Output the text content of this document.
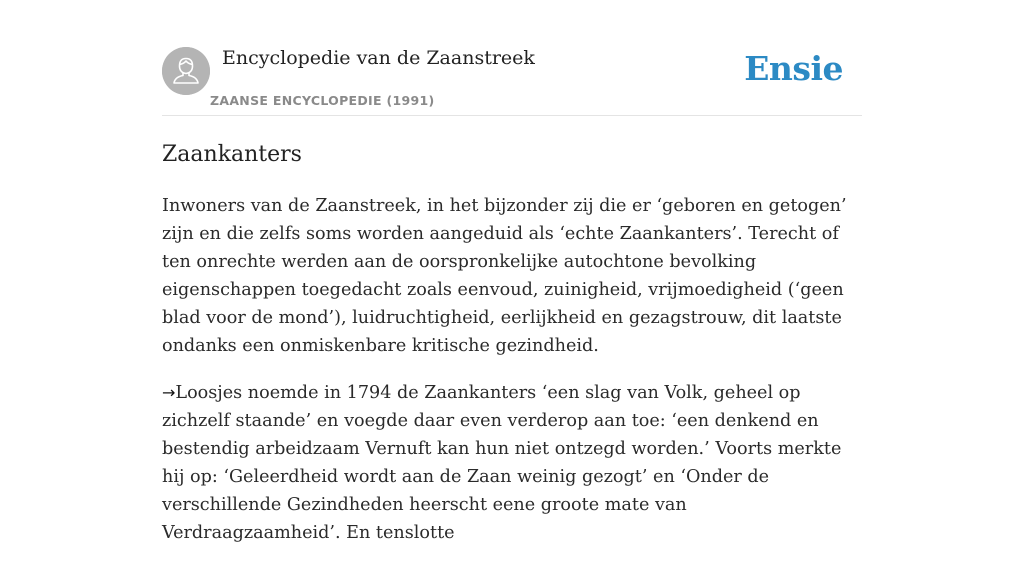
Encyclopedie van de Zaanstreek
ZAANSE ENCYCLOPEDIE (1991)
Ensie
Zaankanters

Inwoners van de Zaanstreek, in het bijzonder zij die er ‘geboren en getogen’ zijn en die zelfs soms worden aangeduid als ‘echte Zaankanters’. Terecht of ten onrechte werden aan de oorspronkelijke autochtone bevolking eigenschappen toegedacht zoals eenvoud, zuinigheid, vrijmoedigheid (‘geen blad voor de mond’), luidruchtigheid, eerlijkheid en gezagstrouw, dit laatste ondanks een onmiskenbare kritische gezindheid.

→Loosjes noemde in 1794 de Zaankanters ‘een slag van Volk, geheel op zichzelf staande’ en voegde daar even verderop aan toe: ‘een denkend en bestendig arbeidzaam Vernuft kan hun niet ontzegd worden.’ Voorts merkte hij op: ‘Geleerdheid wordt aan de Zaan weinig gezogt’ en ‘Onder de verschillende Gezindheden heerscht eene groote mate van Verdraagzaamheid’. En tenslotte
